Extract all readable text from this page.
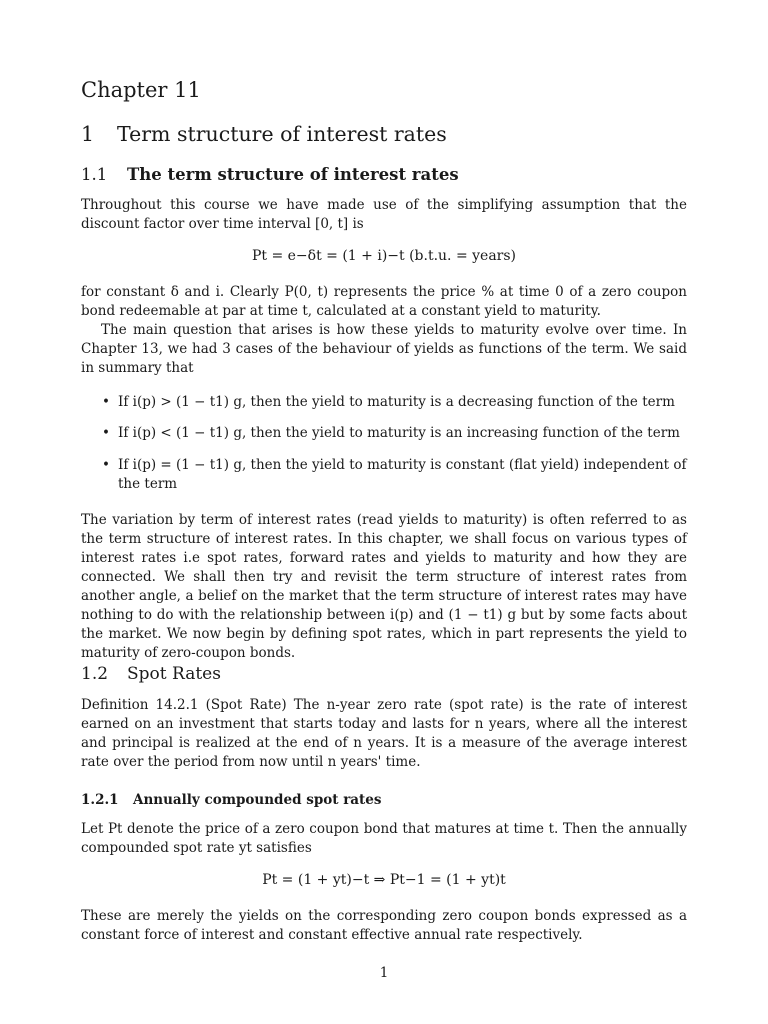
Chapter 11
1 Term structure of interest rates
1.1 The term structure of interest rates
Throughout this course we have made use of the simplifying assumption that the discount factor over time interval [0, t] is
Pt = e−δt = (1 + i)−t (b.t.u. = years)
for constant δ and i. Clearly P(0, t) represents the price % at time 0 of a zero coupon bond redeemable at par at time t, calculated at a constant yield to maturity.
The main question that arises is how these yields to maturity evolve over time. In Chapter 13, we had 3 cases of the behaviour of yields as functions of the term. We said in summary that
• If i(p) > (1 − t1) g, then the yield to maturity is a decreasing function of the term
• If i(p) < (1 − t1) g, then the yield to maturity is an increasing function of the term
• If i(p) = (1 − t1) g, then the yield to maturity is constant (flat yield) independent of the term
The variation by term of interest rates (read yields to maturity) is often referred to as the term structure of interest rates. In this chapter, we shall focus on various types of interest rates i.e spot rates, forward rates and yields to maturity and how they are connected. We shall then try and revisit the term structure of interest rates from another angle, a belief on the market that the term structure of interest rates may have nothing to do with the relationship between i(p) and (1 − t1) g but by some facts about the market. We now begin by defining spot rates, which in part represents the yield to maturity of zero-coupon bonds.
1.2 Spot Rates
Definition 14.2.1 (Spot Rate) The n-year zero rate (spot rate) is the rate of interest earned on an investment that starts today and lasts for n years, where all the interest and principal is realized at the end of n years. It is a measure of the average interest rate over the period from now until n years' time.
1.2.1 Annually compounded spot rates
Let Pt denote the price of a zero coupon bond that matures at time t. Then the annually compounded spot rate yt satisfies
Pt = (1 + yt)−t ⇒ Pt−1 = (1 + yt)t
These are merely the yields on the corresponding zero coupon bonds expressed as a constant force of interest and constant effective annual rate respectively.
1
